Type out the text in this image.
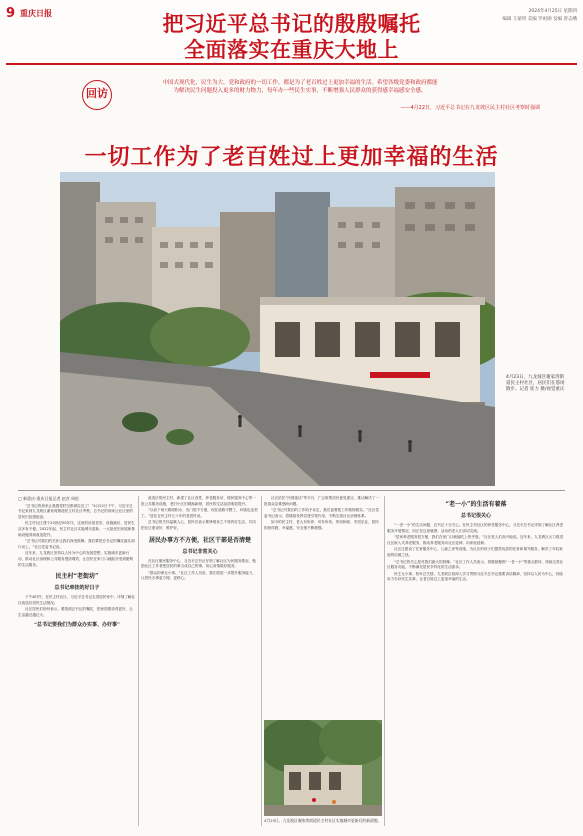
9 重庆日报	把习近平总书记的殷殷嘱托
全面落实在重庆大地上
2024年4月25日 星期四
编辑 王蒙玥 美编 罗祖勋 发编 曾志峨
回访
中国式现代化，民生为大。党和政府的一切工作，都是为了老百姓过上更加幸福的生活。希望各级党委和政府都能
为解决民生问题投入更多的财力物力，每年办一些民生实事，不断增强人民群众的获得感幸福感安全感。
——4月22日，习近平总书记在九龙坡区民主村社区考察时强调
一切工作为了老百姓过上更加幸福的生活
4月23日，九龙坡区谢家湾街道民主村社区，居民们在悠闲散步。记者 崔力 摄/视觉重庆
□ 新重庆-重庆日报记者 赵彦 周松

“总书记的到来让我感觉时空都被拉近了！”4月22日下午，习近平总书记来到九龙坡区谢家湾街道民主村社区考察，总书记的到来让社区里的居民们倍感振奋。

民主村社区建于20世纪50年代，这里的房屋老旧、设施落后，居民生活多有不便。2022年起，民主村社区实施城市更新，一大批老旧房屋和基础设施得到改造提升。

“总书记对我们的关怀让我们深受鼓舞，我们要把总书记的嘱托落实到行动上。”社区党委书记说。

近年来，九龙坡区坚持以人民为中心的发展思想，实施城市更新行动，推动社区治理和公共服务提质增效，让居民在家门口就能享受到便利的生活服务。

民主村“老街坊”
总书记牵挂的好日子

下午4时许，在民主村社区，习近平总书记走进居民家中，详细了解社区改造后居民生活情况。

社区居民们纷纷表示，要按照总书记的嘱托，把家园建设得更好，让生活越过越红火。

“总书记要我们为群众办实事、办好事”

改造后的民主村，新建了社区食堂、养老服务站、便民服务中心等一批公共服务设施，老旧小区旧貌换新颜，居民的生活品质明显提升。

“以前下雨天路面积水，出门很不方便，现在道路平整了，环境也变美了。”居住在民主村几十年的老居民说。

总书记的关怀温暖人心，居民们表示要珍惜来之不易的好生活，共同把社区建设好、维护好。

居民办事方不方便，社区干部是否清楚
总书记非常关心

在社区便民服务中心，习近平总书记仔细了解社区为民服务情况，勉励社区工作者把居民的事当成自己的事，用心用情做好服务。

“群众的事无小事。”社区工作人员说，我们将进一步提升服务能力，让居民办事更方便、更舒心。

社区依托“民情夜话”等平台，广泛收集居民意见建议，推动解决了一批群众急难愁盼问题。

“总书记对我们的工作给予肯定，我们更要把工作做细做实。”社区党委书记表示，将继续发挥党建引领作用，不断完善社区治理体系。

如今的民主村，老人有所养、幼有所育，邻里和睦、安居乐业，居民的获得感、幸福感、安全感不断增强。

4月23日，九龙坡区谢家湾街道民主村社区实施城市更新后的新面貌。
“老一小”的生活有着落
总书记很关心

“一老一小”的生活问题，总书记十分关心。在民主村社区的养老服务中心，习近平总书记详细了解社区养老服务开展情况，同正在这里就餐、活动的老人们亲切交流。

“居家养老服务很方便，我们在家门口就能吃上热乎饭。”社区老人们高兴地说。近年来，九龙坡区大力推进社区嵌入式养老服务，推动养老服务向社区延伸、向家庭延伸。

社区还建设了托育服务中心、儿童之家等设施，为社区的孩子们提供优质的托育和课外服务，解决了年轻家庭的后顾之忧。

“总书记的关心是对我们最大的鼓舞。”社区工作人员表示，将继续聚焦“一老一小”等重点群体，持续完善社区服务功能，不断满足居民多样化的生活需求。

民生无小事，枝叶总关情。九龙坡区将深入学习贯彻习近平总书记重要讲话精神，坚持以人民为中心，持续用力办好民生实事，让老百姓过上更加幸福的生活。
